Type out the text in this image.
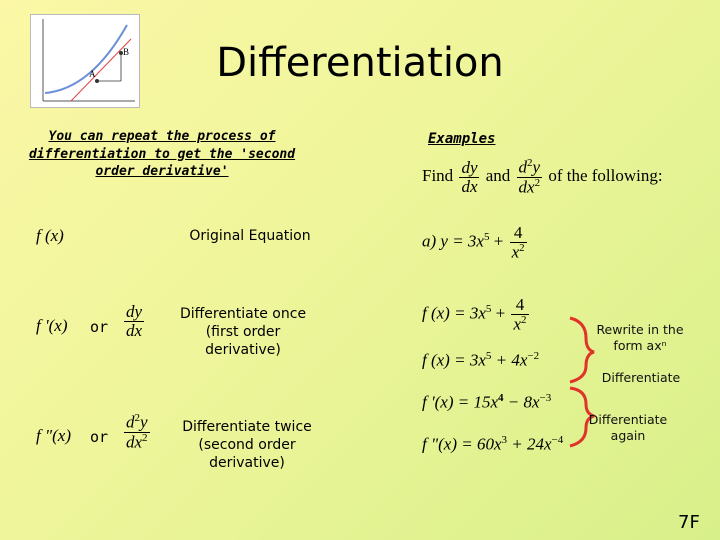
B
A	Differentiation
You can repeat the process of differentiation to get the 'second order derivative'
f (x)	Original Equation
f '(x) or $\frac{dy}{dx}$	Differentiate once (first order derivative)
f "(x) or $\frac{d^2y}{dx^2}$	Differentiate twice (second order derivative)
Examples
Find $\frac{dy}{dx}$ and $\frac{d^2y}{dx^2}$ of the following:
a) $y = 3x^5 + \frac{4}{x^2}$
f $(x) = 3x^5 + \frac{4}{x^2}$
f $(x) = 3x^5 + 4x^{-2}$
f '$(x) = 15x^4 - 8x^{-3}$
f "$(x) = 60x^3 + 24x^{-4}$
Rewrite in the form axⁿ
Differentiate
Differentiate again
7F
